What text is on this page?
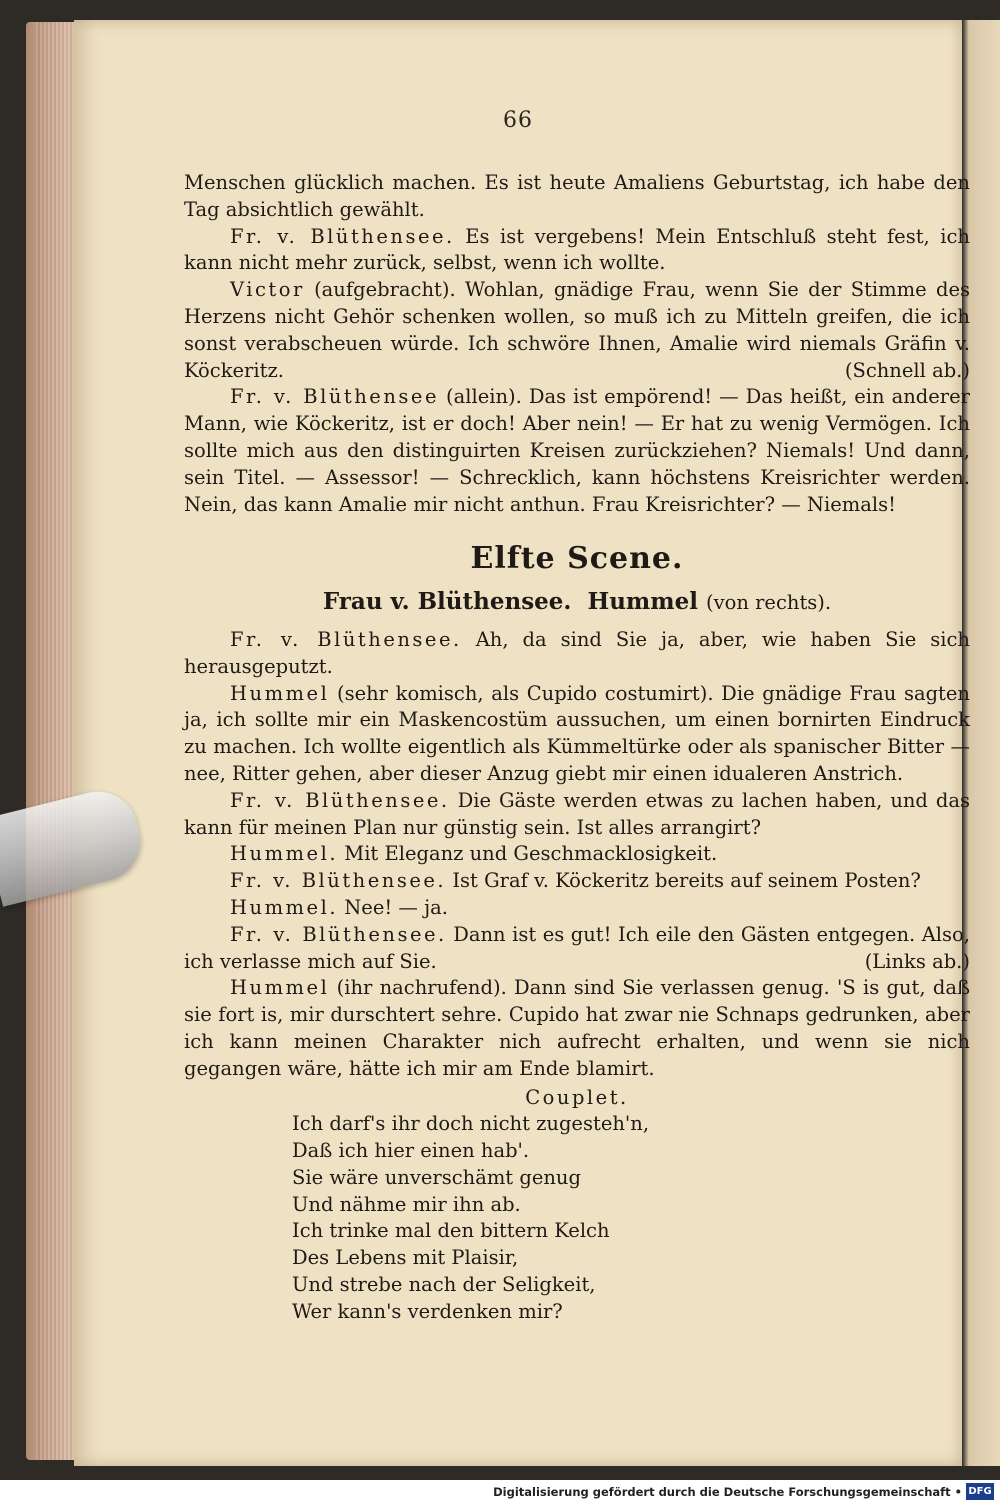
66

Menschen glücklich machen. Es ist heute Amaliens Geburtstag, ich habe den Tag absichtlich gewählt.

Fr. v. Blüthensee. Es ist vergebens! Mein Entschluß steht fest, ich kann nicht mehr zurück, selbst, wenn ich wollte.

Victor (aufgebracht). Wohlan, gnädige Frau, wenn Sie der Stimme des Herzens nicht Gehör schenken wollen, so muß ich zu Mitteln greifen, die ich sonst verabscheuen würde. Ich schwöre Ihnen, Amalie wird niemals Gräfin v. Köckeritz.	(Schnell ab.)

Fr. v. Blüthensee (allein). Das ist empörend! — Das heißt, ein anderer Mann, wie Köckeritz, ist er doch! Aber nein! — Er hat zu wenig Vermögen. Ich sollte mich aus den distinguirten Kreisen zurückziehen? Niemals! Und dann, sein Titel. — Assessor! — Schrecklich, kann höchstens Kreisrichter werden. Nein, das kann Amalie mir nicht anthun. Frau Kreisrichter? — Niemals!

Elfte Scene.
Frau v. Blüthensee. Hummel (von rechts).

Fr. v. Blüthensee. Ah, da sind Sie ja, aber, wie haben Sie sich herausgeputzt.

Hummel (sehr komisch, als Cupido costumirt). Die gnädige Frau sagten ja, ich sollte mir ein Maskencostüm aussuchen, um einen bornirten Eindruck zu machen. Ich wollte eigentlich als Kümmeltürke oder als spanischer Bitter — nee, Ritter gehen, aber dieser Anzug giebt mir einen idualeren Anstrich.

Fr. v. Blüthensee. Die Gäste werden etwas zu lachen haben, und das kann für meinen Plan nur günstig sein. Ist alles arrangirt?

Hummel. Mit Eleganz und Geschmacklosigkeit.

Fr. v. Blüthensee. Ist Graf v. Köckeritz bereits auf seinem Posten?

Hummel. Nee! — ja.

Fr. v. Blüthensee. Dann ist es gut! Ich eile den Gästen entgegen. Also, ich verlasse mich auf Sie.	(Links ab.)

Hummel (ihr nachrufend). Dann sind Sie verlassen genug. 'S is gut, daß sie fort is, mir durschtert sehre. Cupido hat zwar nie Schnaps gedrunken, aber ich kann meinen Charakter nich aufrecht erhalten, und wenn sie nich gegangen wäre, hätte ich mir am Ende blamirt.

Couplet.
Ich darf's ihr doch nicht zugesteh'n,
Daß ich hier einen hab'.
Sie wäre unverschämt genug
Und nähme mir ihn ab.
Ich trinke mal den bittern Kelch
Des Lebens mit Plaisir,
Und strebe nach der Seligkeit,
Wer kann's verdenken mir?
Digitalisierung gefördert durch die Deutsche Forschungsgemeinschaft • DFG
